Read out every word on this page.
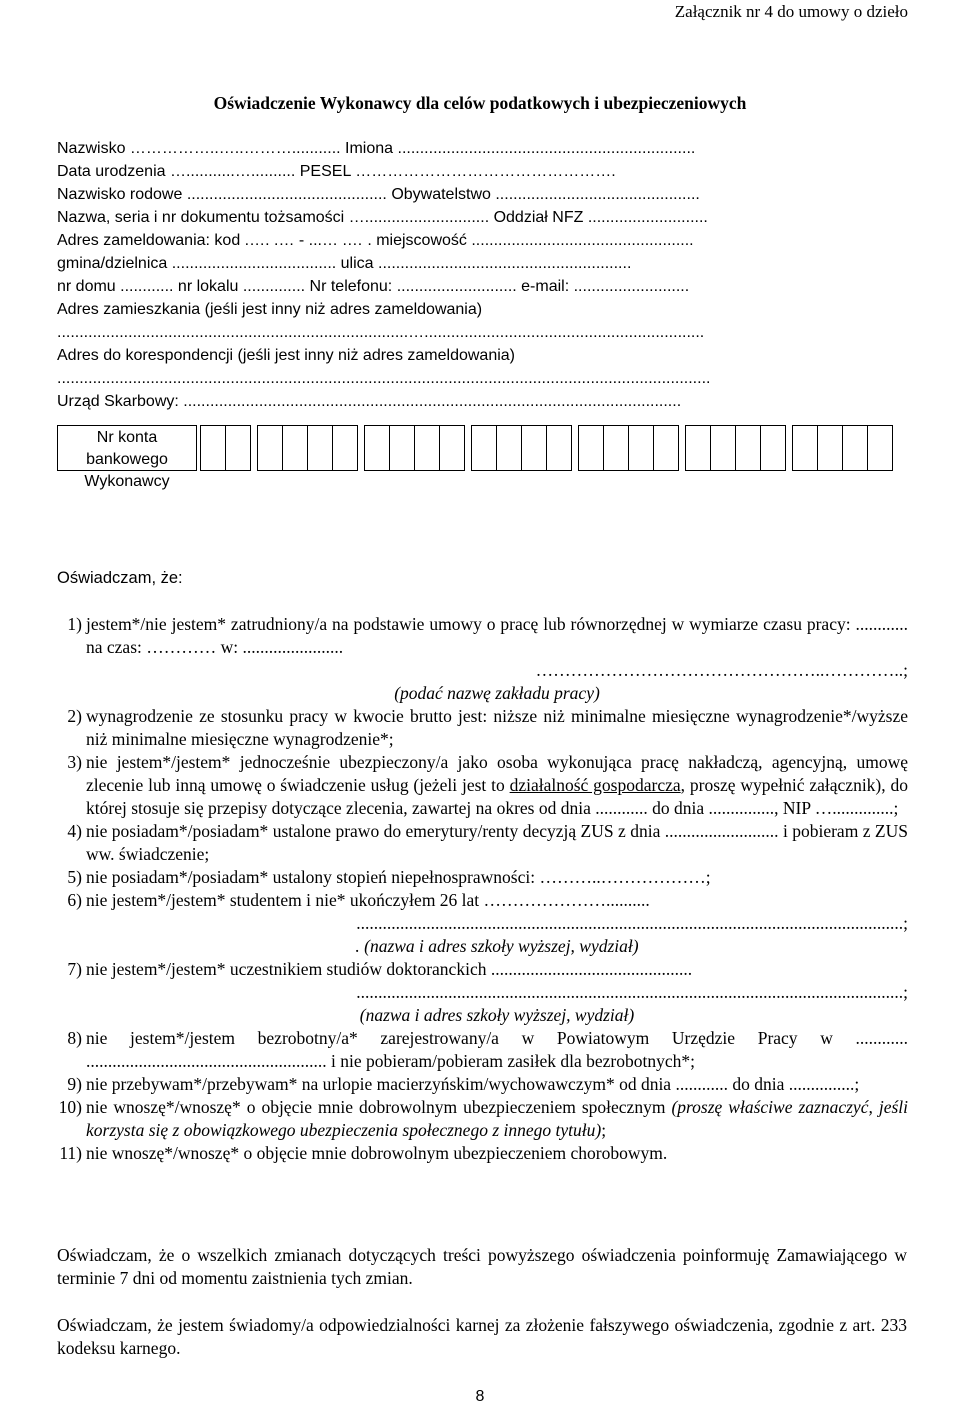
Załącznik nr 4 do umowy o dzieło
Oświadczenie Wykonawcy dla celów podatkowych i ubezpieczeniowych
Nazwisko ……………..…..………........... Imiona ...................................................................
Data urodzenia …...........….......... PESEL ………………………………………….
Nazwisko rodowe ............................................. Obywatelstwo ..............................................
Nazwa, seria i nr dokumentu tożsamości …............................ Oddział NFZ ...........................
Adres zameldowania: kod .…. .… - ...… .… . miejscowość ..................................................
gmina/dzielnica ..................................... ulica .........................................................
nr domu ............ nr lokalu .............. Nr telefonu: ........................... e-mail: ..........................
Adres zamieszkania (jeśli jest inny niż adres zameldowania)
...............................................................................…...............................................................
Adres do korespondencji (jeśli jest inny niż adres zameldowania)
...................................................................................................................................................
Urząd Skarbowy: ................................................................................................................
Nr konta bankowego
Wykonawcy
Oświadczam, że:
1) jestem*/nie jestem* zatrudniony/a na podstawie umowy o pracę lub równorzędnej w wymiarze czasu pracy: ............ na czas: ………… w: .......................
…………………………………………..…………..;
(podać nazwę zakładu pracy)
2) wynagrodzenie ze stosunku pracy w kwocie brutto jest: niższe niż minimalne miesięczne wynagrodzenie*/wyższe niż minimalne miesięczne wynagrodzenie*;
3) nie jestem*/jestem* jednocześnie ubezpieczony/a jako osoba wykonująca pracę nakładczą, agencyjną, umowę zlecenie lub inną umowę o świadczenie usług (jeżeli jest to działalność gospodarcza, proszę wypełnić załącznik), do której stosuje się przepisy dotyczące zlecenia, zawartej na okres od dnia ............ do dnia ..............., NIP …..............;
4) nie posiadam*/posiadam* ustalone prawo do emerytury/renty decyzją ZUS z dnia .......................... i pobieram z ZUS ww. świadczenie;
5) nie posiadam*/posiadam* ustalony stopień niepełnosprawności: ………..………………;
6) nie jestem*/jestem* studentem i nie* ukończyłem 26 lat …………………..........
.............................................................................................................................;
. (nazwa i adres szkoły wyższej, wydział)
7) nie jestem*/jestem* uczestnikiem studiów doktoranckich ..............................................
.............................................................................................................................;
(nazwa i adres szkoły wyższej, wydział)
8) nie jestem*/jestem bezrobotny/a* zarejestrowany/a w Powiatowym Urzędzie Pracy w ............ ....................................................... i nie pobieram/pobieram zasiłek dla bezrobotnych*;
9) nie przebywam*/przebywam* na urlopie macierzyńskim/wychowawczym* od dnia ............ do dnia ...............;
10) nie wnoszę*/wnoszę* o objęcie mnie dobrowolnym ubezpieczeniem społecznym (proszę właściwe zaznaczyć, jeśli korzysta się z obowiązkowego ubezpieczenia społecznego z innego tytułu);
11) nie wnoszę*/wnoszę* o objęcie mnie dobrowolnym ubezpieczeniem chorobowym.
Oświadczam, że o wszelkich zmianach dotyczących treści powyższego oświadczenia poinformuję Zamawiającego w terminie 7 dni od momentu zaistnienia tych zmian.
Oświadczam, że jestem świadomy/a odpowiedzialności karnej za złożenie fałszywego oświadczenia, zgodnie z art. 233 kodeksu karnego.
8
